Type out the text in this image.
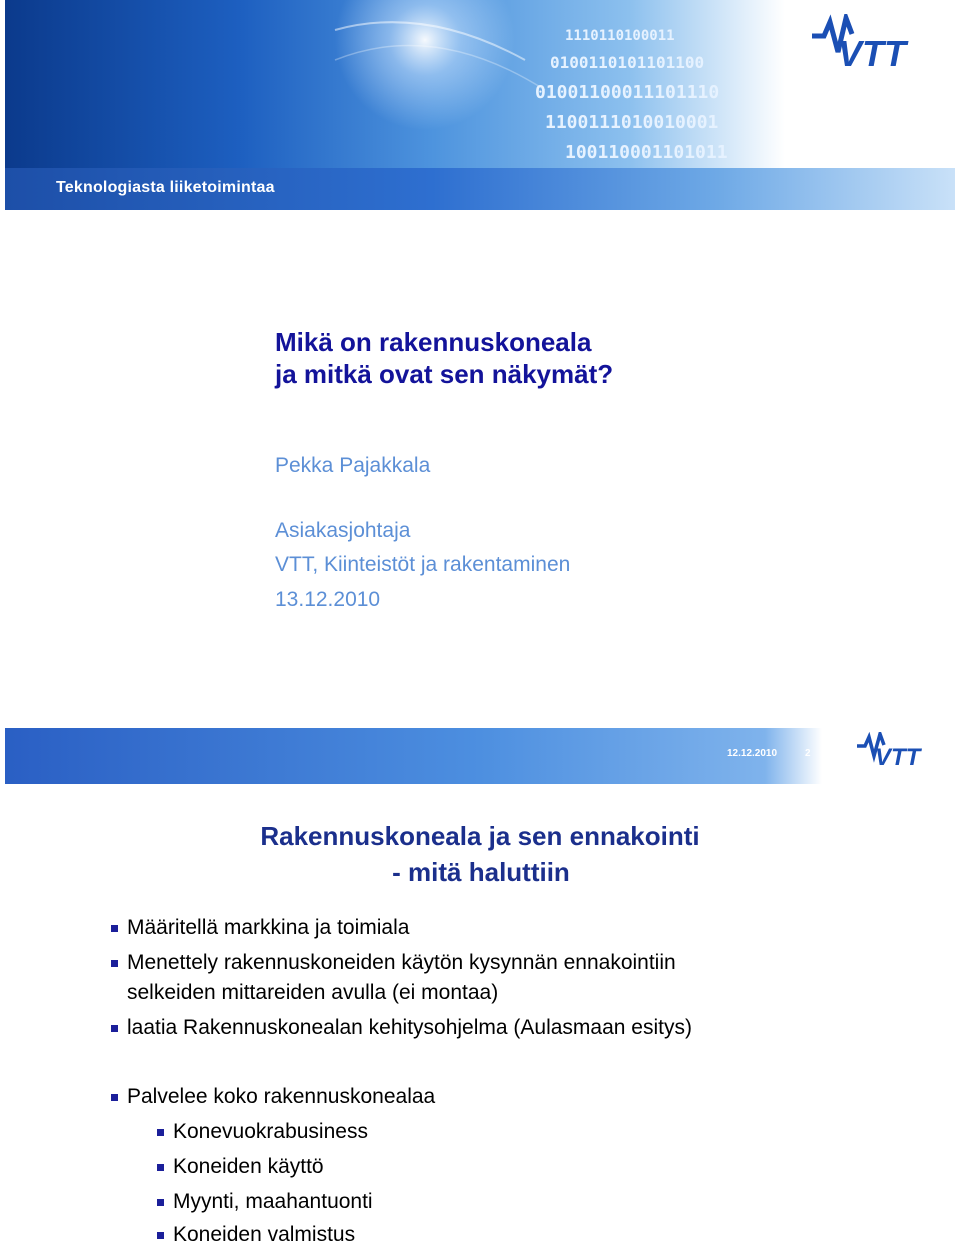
1110110100011
0100110101101100
01001100011101110
1100111010010001
100110001101011
Teknologiasta liiketoimintaa
VTT
Mikä on rakennuskoneala
ja mitkä ovat sen näkymät?
Pekka Pajakkala
Asiakasjohtaja
VTT, Kiinteistöt ja rakentaminen
13.12.2010
12.12.2010	2	VTT
Rakennuskoneala ja sen ennakointi
- mitä haluttiin
Määritellä markkina ja toimiala
Menettely rakennuskoneiden käytön kysynnän ennakointiin
selkeiden mittareiden avulla (ei montaa)
laatia Rakennuskonealan kehitysohjelma (Aulasmaan esitys)
Palvelee koko rakennuskonealaa
Konevuokrabusiness
Koneiden käyttö
Myynti, maahantuonti
Koneiden valmistus
